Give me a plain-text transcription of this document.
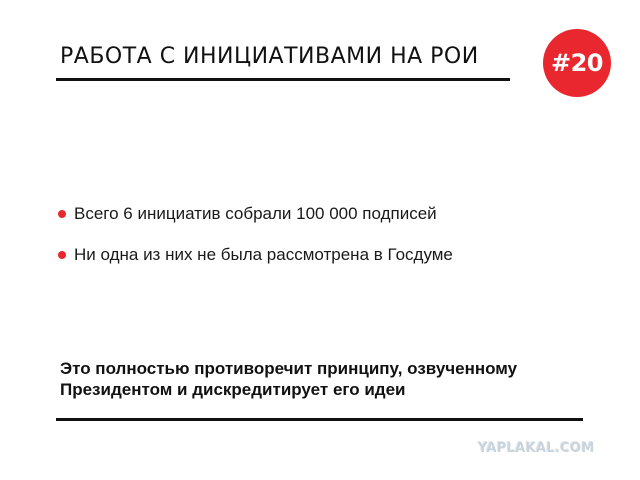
РАБОТА С ИНИЦИАТИВАМИ НА РОИ	#20
Всего 6 инициатив собрали 100 000 подписей
Ни одна из них не была рассмотрена в Госдуме
Это полностью противоречит принципу, озвученному
Президентом и дискредитирует его идеи
YAPLAKAL.COM
